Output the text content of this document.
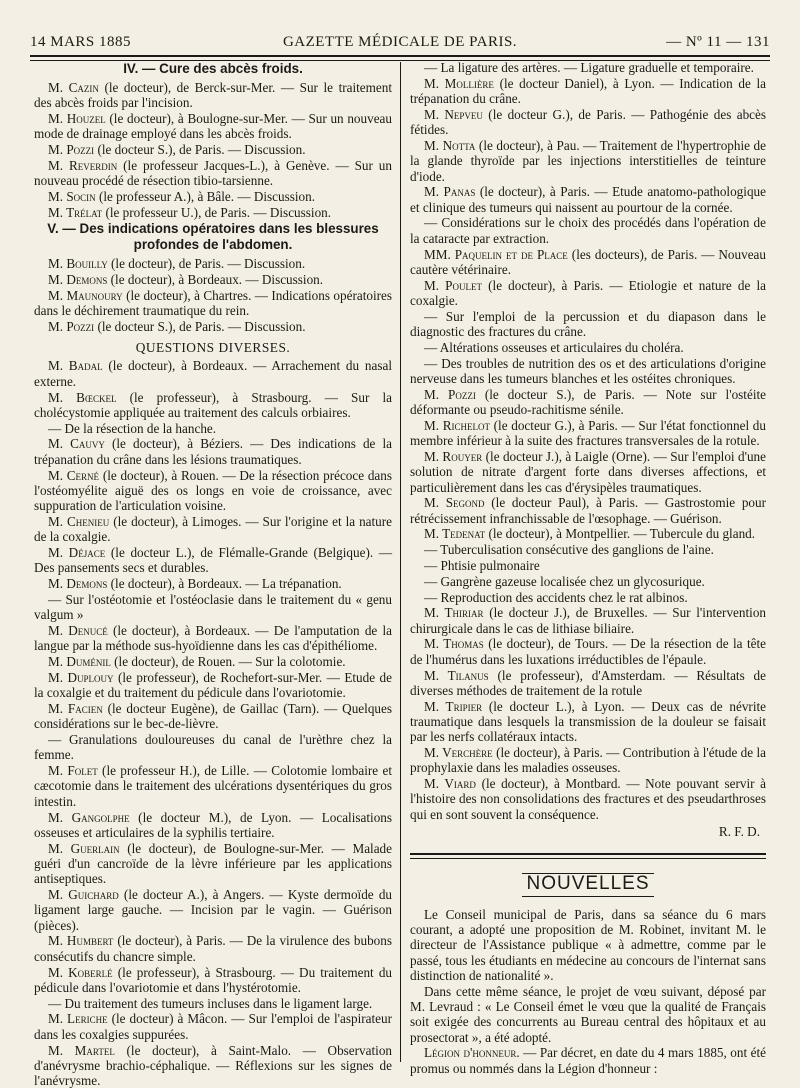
14 MARS 1885	GAZETTE MÉDICALE DE PARIS.	— Nº 11 — 131
IV. — Cure des abcès froids.

M. Cazin (le docteur), de Berck-sur-Mer. — Sur le traitement des abcès froids par l'incision.

M. Houzel (le docteur), à Boulogne-sur-Mer. — Sur un nouveau mode de drainage employé dans les abcès froids.

M. Pozzi (le docteur S.), de Paris. — Discussion.

M. Reverdin (le professeur Jacques-L.), à Genève. — Sur un nouveau procédé de résection tibio-tarsienne.

M. Socin (le professeur A.), à Bâle. — Discussion.

M. Trélat (le professeur U.), de Paris. — Discussion.

V. — Des indications opératoires dans les blessures profondes de l'abdomen.

M. Bouilly (le docteur), de Paris. — Discussion.

M. Demons (le docteur), à Bordeaux. — Discussion.

M. Maunoury (le docteur), à Chartres. — Indications opératoires dans le déchirement traumatique du rein.

M. Pozzi (le docteur S.), de Paris. — Discussion.

QUESTIONS DIVERSES.

M. Badal (le docteur), à Bordeaux. — Arrachement du nasal externe.

M. Bœckel (le professeur), à Strasbourg. — Sur la cholécystomie appliquée au traitement des calculs orbiaires.

— De la résection de la hanche.

M. Cauvy (le docteur), à Béziers. — Des indications de la trépanation du crâne dans les lésions traumatiques.

M. Cerné (le docteur), à Rouen. — De la résection précoce dans l'ostéomyélite aiguë des os longs en voie de croissance, avec suppuration de l'articulation voisine.

M. Chenieu (le docteur), à Limoges. — Sur l'origine et la nature de la coxalgie.

M. Déjace (le docteur L.), de Flémalle-Grande (Belgique). — Des pansements secs et durables.

M. Demons (le docteur), à Bordeaux. — La trépanation.

— Sur l'ostéotomie et l'ostéoclasie dans le traitement du « genu valgum »

M. Denucé (le docteur), à Bordeaux. — De l'amputation de la langue par la méthode sus-hyoïdienne dans les cas d'épithéliome.

M. Duménil (le docteur), de Rouen. — Sur la colotomie.

M. Duplouy (le professeur), de Rochefort-sur-Mer. — Etude de la coxalgie et du traitement du pédicule dans l'ovariotomie.

M. Facien (le docteur Eugène), de Gaillac (Tarn). — Quelques considérations sur le bec-de-lièvre.

— Granulations douloureuses du canal de l'urèthre chez la femme.

M. Folet (le professeur H.), de Lille. — Colotomie lombaire et cæcotomie dans le traitement des ulcérations dysentériques du gros intestin.

M. Gangolphe (le docteur M.), de Lyon. — Localisations osseuses et articulaires de la syphilis tertiaire.

M. Guerlain (le docteur), de Boulogne-sur-Mer. — Malade guéri d'un cancroïde de la lèvre inférieure par les applications antiseptiques.

M. Guichard (le docteur A.), à Angers. — Kyste dermoïde du ligament large gauche. — Incision par le vagin. — Guérison (pièces).

M. Humbert (le docteur), à Paris. — De la virulence des bubons consécutifs du chancre simple.

M. Koberlé (le professeur), à Strasbourg. — Du traitement du pédicule dans l'ovariotomie et dans l'hystérotomie.

— Du traitement des tumeurs incluses dans le ligament large.

M. Leriche (le docteur) à Mâcon. — Sur l'emploi de l'aspirateur dans les coxalgies suppurées.

M. Martel (le docteur), à Saint-Malo. — Observation d'anévrysme brachio-céphalique. — Réflexions sur les signes de l'anévrysme.

— La ligature des artères. — Ligature graduelle et temporaire.

M. Mollière (le docteur Daniel), à Lyon. — Indication de la trépanation du crâne.

M. Nepveu (le docteur G.), de Paris. — Pathogénie des abcès fétides.

M. Notta (le docteur), à Pau. — Traitement de l'hypertrophie de la glande thyroïde par les injections interstitielles de teinture d'iode.

M. Panas (le docteur), à Paris. — Etude anatomo-pathologique et clinique des tumeurs qui naissent au pourtour de la cornée.

— Considérations sur le choix des procédés dans l'opération de la cataracte par extraction.

MM. Paquelin et de Place (les docteurs), de Paris. — Nouveau cautère vétérinaire.

M. Poulet (le docteur), à Paris. — Etiologie et nature de la coxalgie.

— Sur l'emploi de la percussion et du diapason dans le diagnostic des fractures du crâne.

— Altérations osseuses et articulaires du choléra.

— Des troubles de nutrition des os et des articulations d'origine nerveuse dans les tumeurs blanches et les ostéites chroniques.

M. Pozzi (le docteur S.), de Paris. — Note sur l'ostéite déformante ou pseudo-rachitisme sénile.

M. Richelot (le docteur G.), à Paris. — Sur l'état fonctionnel du membre inférieur à la suite des fractures transversales de la rotule.

M. Rouyer (le docteur J.), à Laigle (Orne). — Sur l'emploi d'une solution de nitrate d'argent forte dans diverses affections, et particulièrement dans les cas d'érysipèles traumatiques.

M. Segond (le docteur Paul), à Paris. — Gastrostomie pour rétrécissement infranchissable de l'œsophage. — Guérison.

M. Tedenat (le docteur), à Montpellier. — Tubercule du gland.

— Tuberculisation consécutive des ganglions de l'aine.

— Phtisie pulmonaire

— Gangrène gazeuse localisée chez un glycosurique.

— Reproduction des accidents chez le rat albinos.

M. Thiriar (le docteur J.), de Bruxelles. — Sur l'intervention chirurgicale dans le cas de lithiase biliaire.

M. Thomas (le docteur), de Tours. — De la résection de la tête de l'humérus dans les luxations irréductibles de l'épaule.

M. Tilanus (le professeur), d'Amsterdam. — Résultats de diverses méthodes de traitement de la rotule

M. Tripier (le docteur L.), à Lyon. — Deux cas de névrite traumatique dans lesquels la transmission de la douleur se faisait par les nerfs collatéraux intacts.

M. Verchère (le docteur), à Paris. — Contribution à l'étude de la prophylaxie dans les maladies osseuses.

M. Viard (le docteur), à Montbard. — Note pouvant servir à l'histoire des non consolidations des fractures et des pseudarthroses qui en sont souvent la conséquence.

R. F. D.
NOUVELLES

Le Conseil municipal de Paris, dans sa séance du 6 mars courant, a adopté une proposition de M. Robinet, invitant M. le directeur de l'Assistance publique « à admettre, comme par le passé, tous les étudiants en médecine au concours de l'internat sans distinction de nationalité ».

Dans cette même séance, le projet de vœu suivant, déposé par M. Levraud : « Le Conseil émet le vœu que la qualité de Français soit exigée des concurrents au Bureau central des hôpitaux et au prosectorat », a été adopté.

Légion d'honneur. — Par décret, en date du 4 mars 1885, ont été promus ou nommés dans la Légion d'honneur :
